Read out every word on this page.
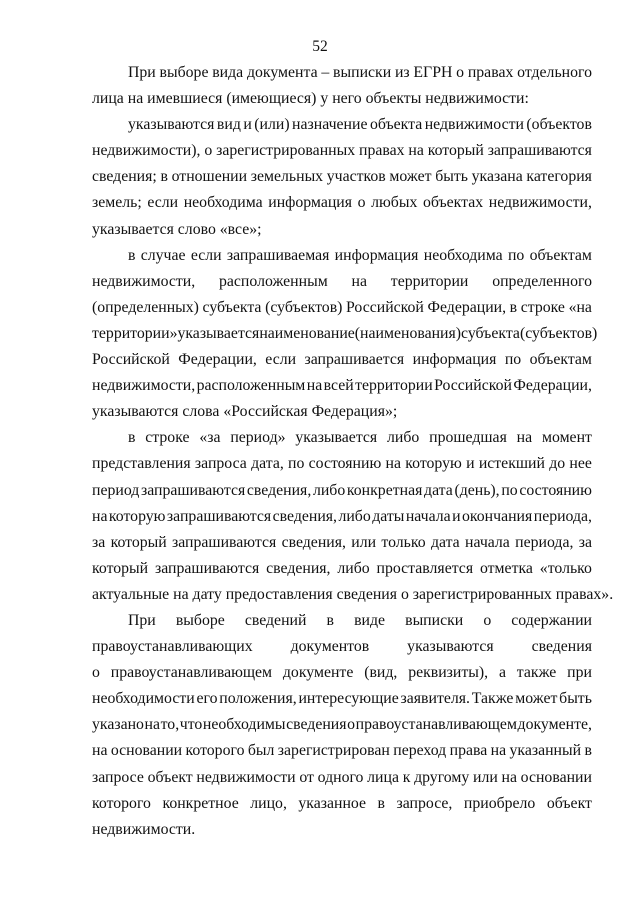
52
При выборе вида документа – выписки из ЕГРН о правах отдельного
лица на имевшиеся (имеющиеся) у него объекты недвижимости:
указываются вид и (или) назначение объекта недвижимости (объектов
недвижимости), о зарегистрированных правах на который запрашиваются
сведения; в отношении земельных участков может быть указана категория
земель; если необходима информация о любых объектах недвижимости,
указывается слово «все»;
в случае если запрашиваемая информация необходима по объектам
недвижимости, расположенным на территории определенного
(определенных) субъекта (субъектов) Российской Федерации, в строке «на
территории» указывается наименование (наименования) субъекта (субъектов)
Российской Федерации, если запрашивается информация по объектам
недвижимости, расположенным на всей территории Российской Федерации,
указываются слова «Российская Федерация»;
в строке «за период» указывается либо прошедшая на момент
представления запроса дата, по состоянию на которую и истекший до нее
период запрашиваются сведения, либо конкретная дата (день), по состоянию
на которую запрашиваются сведения, либо даты начала и окончания периода,
за который запрашиваются сведения, или только дата начала периода, за
который запрашиваются сведения, либо проставляется отметка «только
актуальные на дату предоставления сведения о зарегистрированных правах».
При выборе сведений в виде выписки о содержании
правоустанавливающих документов указываются сведения
о правоустанавливающем документе (вид, реквизиты), а также при
необходимости его положения, интересующие заявителя. Также может быть
указано на то, что необходимы сведения о правоустанавливающем документе,
на основании которого был зарегистрирован переход права на указанный в
запросе объект недвижимости от одного лица к другому или на основании
которого конкретное лицо, указанное в запросе, приобрело объект
недвижимости.
